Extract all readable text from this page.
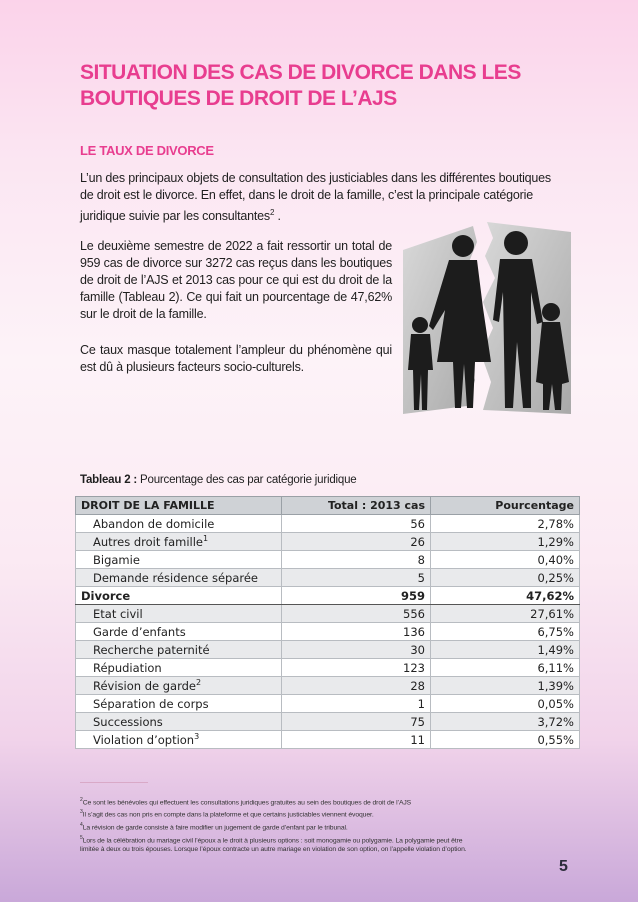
SITUATION DES CAS DE DIVORCE DANS LES BOUTIQUES DE DROIT DE L’AJS
LE TAUX DE DIVORCE
L’un des principaux objets de consultation des justiciables dans les différentes boutiques de droit est le divorce. En effet, dans le droit de la famille, c’est la principale catégorie juridique suivie par les consultantes$^2$ .
Le deuxième semestre de 2022 a fait ressortir un total de 959 cas de divorce sur 3272 cas reçus dans les boutiques de droit de l’AJS et 2013 cas pour ce qui est du droit de la famille (Tableau 2). Ce qui fait un pourcentage de 47,62% sur le droit de la famille.
Ce taux masque totalement l’ampleur du phénomène qui est dû à plusieurs facteurs socio-culturels.
Tableau 2 : Pourcentage des cas par catégorie juridique
DROIT DE LA FAMILLE	Total : 2013 cas	Pourcentage
Abandon de domicile	56	2,78%
Autres droit famille$^1$	26	1,29%
Bigamie	8	0,40%
Demande résidence séparée	5	0,25%
Divorce	959	47,62%
Etat civil	556	27,61%
Garde d’enfants	136	6,75%
Recherche paternité	30	1,49%
Répudiation	123	6,11%
Révision de garde$^2$	28	1,39%
Séparation de corps	1	0,05%
Successions	75	3,72%
Violation d’option$^3$	11	0,55%
$^2$Ce sont les bénévoles qui effectuent les consultations juridiques gratuites au sein des boutiques de droit de l’AJS
$^3$Il s’agit des cas non pris en compte dans la plateforme et que certains justiciables viennent évoquer.
$^4$La révision de garde consiste à faire modifier un jugement de garde d’enfant par le tribunal.
$^5$Lors de la célébration du mariage civil l’époux a le droit à plusieurs options : soit monogamie ou polygamie. La polygamie peut être limitée à deux ou trois épouses. Lorsque l’époux contracte un autre mariage en violation de son option, on l’appelle violation d’option.
5
